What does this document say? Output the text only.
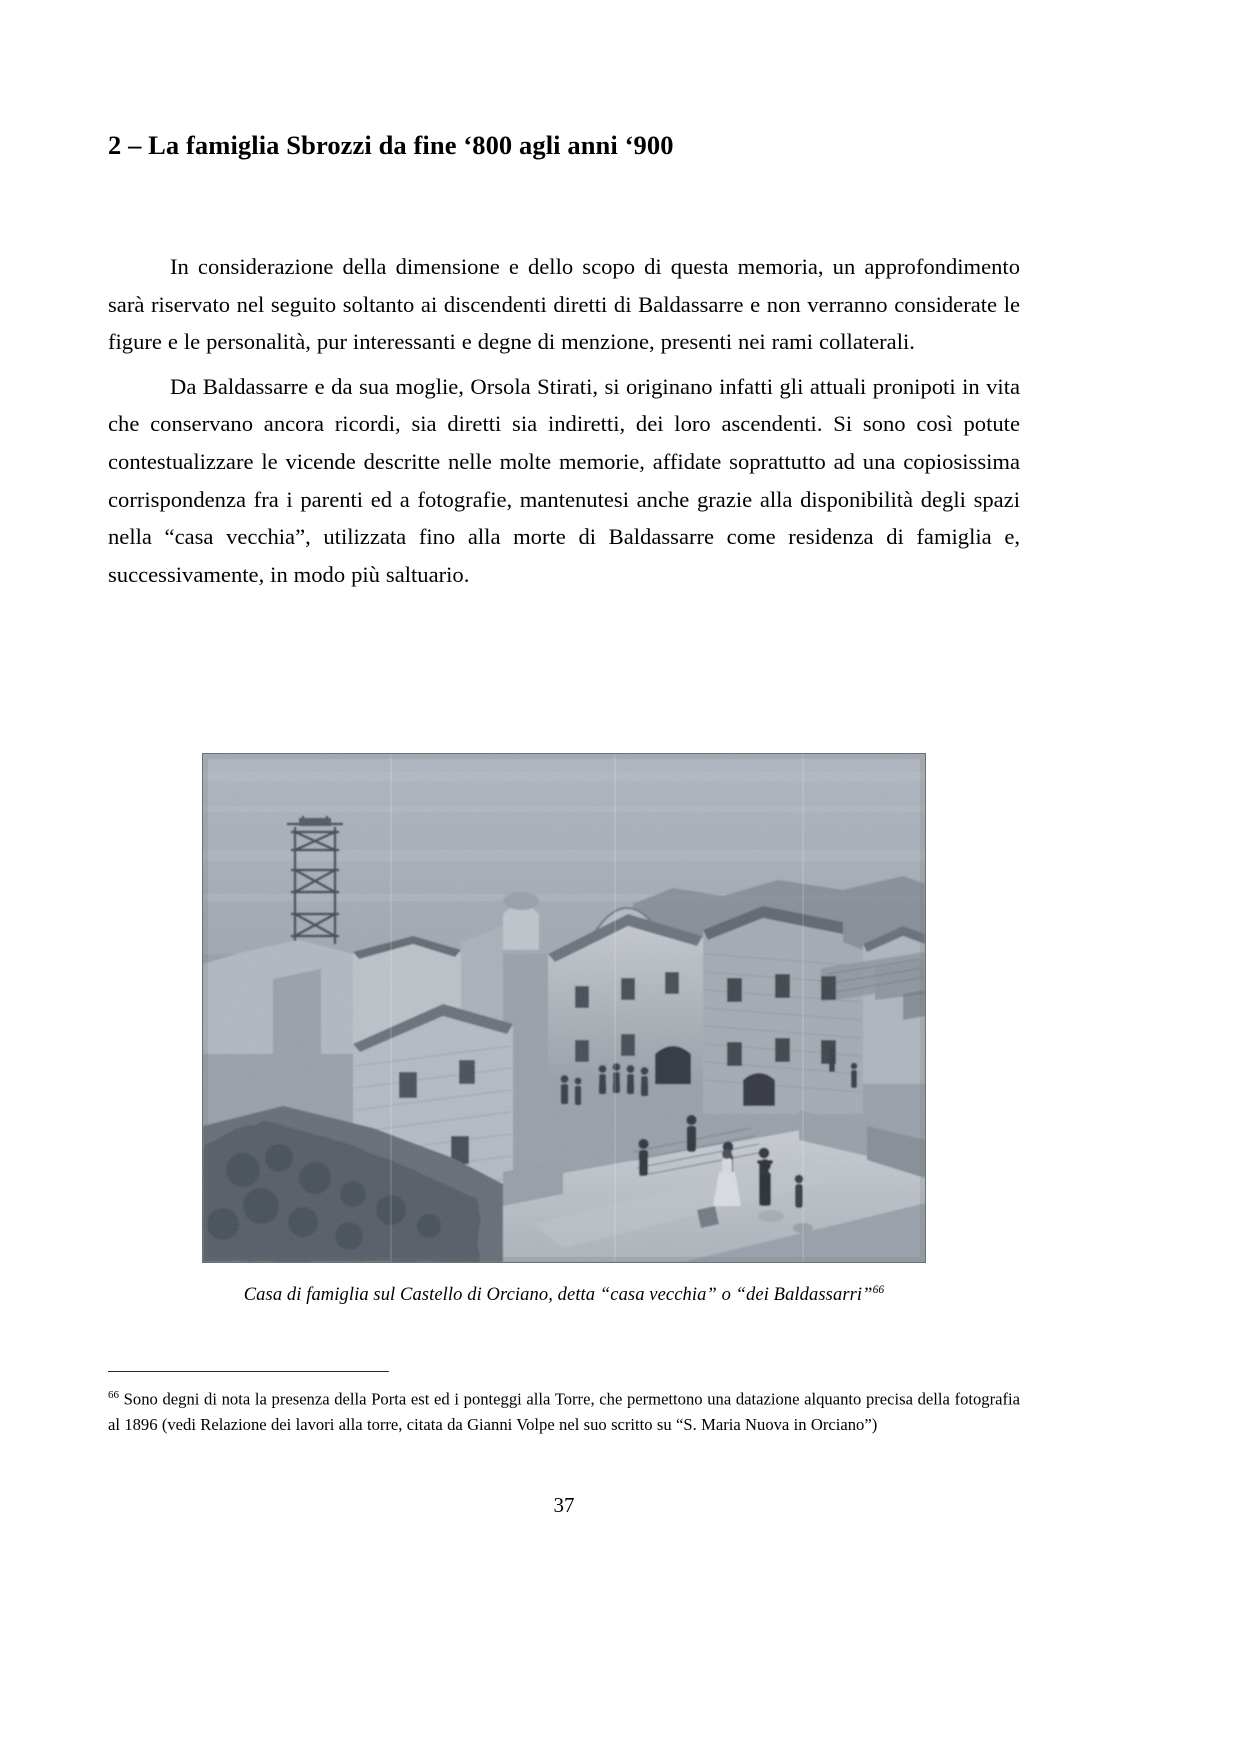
2 – La famiglia Sbrozzi da fine ‘800 agli anni ‘900

In considerazione della dimensione e dello scopo di questa memoria, un approfondimento sarà riservato nel seguito soltanto ai discendenti diretti di Baldassarre e non verranno considerate le figure e le personalità, pur interessanti e degne di menzione, presenti nei rami collaterali.

Da Baldassarre e da sua moglie, Orsola Stirati, si originano infatti gli attuali pronipoti in vita che conservano ancora ricordi, sia diretti sia indiretti, dei loro ascendenti. Si sono così potute contestualizzare le vicende descritte nelle molte memorie, affidate soprattutto ad una copiosissima corrispondenza fra i parenti ed a fotografie, mantenutesi anche grazie alla disponibilità degli spazi nella “casa vecchia”, utilizzata fino alla morte di Baldassarre come residenza di famiglia e, successivamente, in modo più saltuario.

Casa di famiglia sul Castello di Orciano, detta “casa vecchia” o “dei Baldassarri”$^{66}$

$^{66}$ Sono degni di nota la presenza della Porta est ed i ponteggi alla Torre, che permettono una datazione alquanto precisa della fotografia al 1896 (vedi Relazione dei lavori alla torre, citata da Gianni Volpe nel suo scritto su “S. Maria Nuova in Orciano”)

37
